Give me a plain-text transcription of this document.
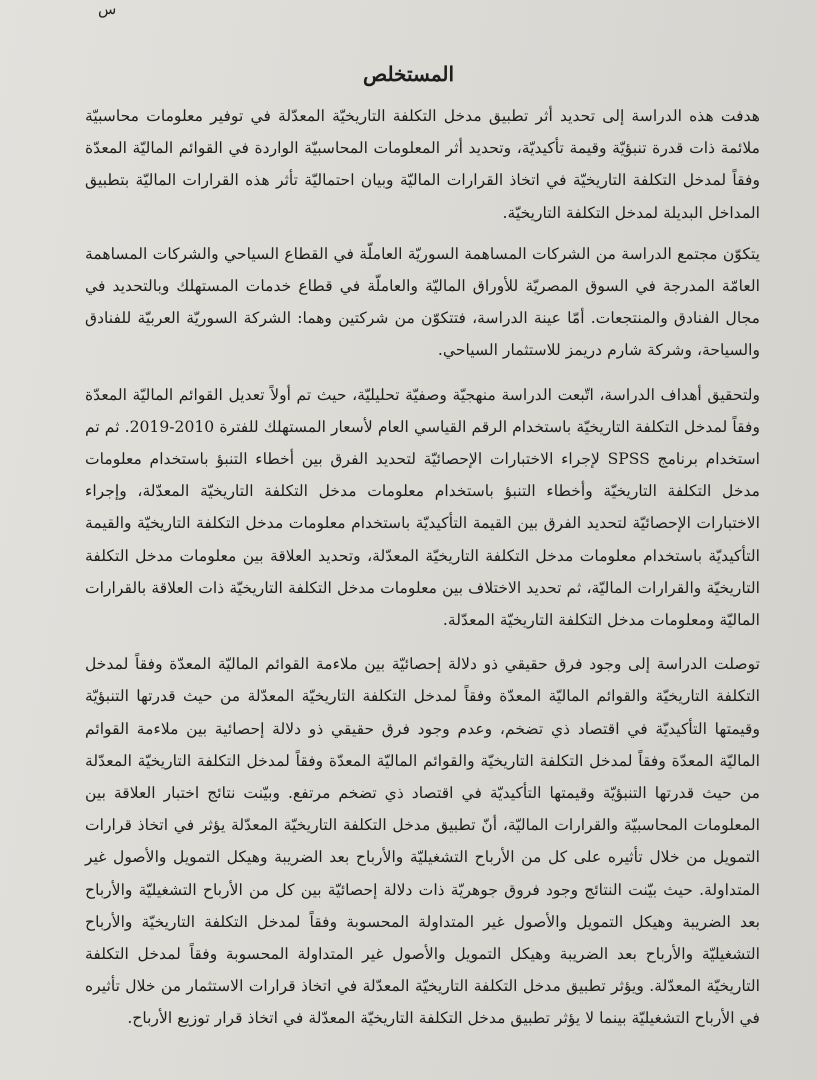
س
المستخلص

هدفت هذه الدراسة إلى تحديد أثر تطبيق مدخل التكلفة التاريخيّة المعدّلة في توفير معلومات محاسبيّة ملائمة ذات قدرة تنبؤيّة وقيمة تأكيديّة، وتحديد أثر المعلومات المحاسبيّة الواردة في القوائم الماليّة المعدّة وفقاً لمدخل التكلفة التاريخيّة في اتخاذ القرارات الماليّة وبيان احتماليّة تأثر هذه القرارات الماليّة بتطبيق المداخل البديلة لمدخل التكلفة التاريخيّة.

يتكوّن مجتمع الدراسة من الشركات المساهمة السوريّة العاملّة في القطاع السياحي والشركات المساهمة العامّة المدرجة في السوق المصريّة للأوراق الماليّة والعاملّة في قطاع خدمات المستهلك وبالتحديد في مجال الفنادق والمنتجعات. أمّا عينة الدراسة، فتتكوّن من شركتين وهما: الشركة السوريّة العربيّة للفنادق والسياحة، وشركة شارم دريمز للاستثمار السياحي.

ولتحقيق أهداف الدراسة، اتّبعت الدراسة منهجيّة وصفيّة تحليليّة، حيث تم أولاً تعديل القوائم الماليّة المعدّة وفقاً لمدخل التكلفة التاريخيّة باستخدام الرقم القياسي العام لأسعار المستهلك للفترة 2010-2019. ثم تم استخدام برنامج SPSS لإجراء الاختبارات الإحصائيّة لتحديد الفرق بين أخطاء التنبؤ باستخدام معلومات مدخل التكلفة التاريخيّة وأخطاء التنبؤ باستخدام معلومات مدخل التكلفة التاريخيّة المعدّلة، وإجراء الاختبارات الإحصائيّة لتحديد الفرق بين القيمة التأكيديّة باستخدام معلومات مدخل التكلفة التاريخيّة والقيمة التأكيديّة باستخدام معلومات مدخل التكلفة التاريخيّة المعدّلة، وتحديد العلاقة بين معلومات مدخل التكلفة التاريخيّة والقرارات الماليّة، ثم تحديد الاختلاف بين معلومات مدخل التكلفة التاريخيّة ذات العلاقة بالقرارات الماليّة ومعلومات مدخل التكلفة التاريخيّة المعدّلة.

توصلت الدراسة إلى وجود فرق حقيقي ذو دلالة إحصائيّة بين ملاءمة القوائم الماليّة المعدّة وفقاً لمدخل التكلفة التاريخيّة والقوائم الماليّة المعدّة وفقاً لمدخل التكلفة التاريخيّة المعدّلة من حيث قدرتها التنبؤيّة وقيمتها التأكيديّة في اقتصاد ذي تضخم، وعدم وجود فرق حقيقي ذو دلالة إحصائية بين ملاءمة القوائم الماليّة المعدّة وفقاً لمدخل التكلفة التاريخيّة والقوائم الماليّة المعدّة وفقاً لمدخل التكلفة التاريخيّة المعدّلة من حيث قدرتها التنبؤيّة وقيمتها التأكيديّة في اقتصاد ذي تضخم مرتفع. وبيّنت نتائج اختبار العلاقة بين المعلومات المحاسبيّة والقرارات الماليّة، أنّ تطبيق مدخل التكلفة التاريخيّة المعدّلة يؤثر في اتخاذ قرارات التمويل من خلال تأثيره على كل من الأرباح التشغيليّة والأرباح بعد الضريبة وهيكل التمويل والأصول غير المتداولة. حيث بيّنت النتائج وجود فروق جوهريّة ذات دلالة إحصائيّة بين كل من الأرباح التشغيليّة والأرباح بعد الضريبة وهيكل التمويل والأصول غير المتداولة المحسوبة وفقاً لمدخل التكلفة التاريخيّة والأرباح التشغيليّة والأرباح بعد الضريبة وهيكل التمويل والأصول غير المتداولة المحسوبة وفقاً لمدخل التكلفة التاريخيّة المعدّلة. ويؤثر تطبيق مدخل التكلفة التاريخيّة المعدّلة في اتخاذ قرارات الاستثمار من خلال تأثيره في الأرباح التشغيليّة بينما لا يؤثر تطبيق مدخل التكلفة التاريخيّة المعدّلة في اتخاذ قرار توزيع الأرباح.
